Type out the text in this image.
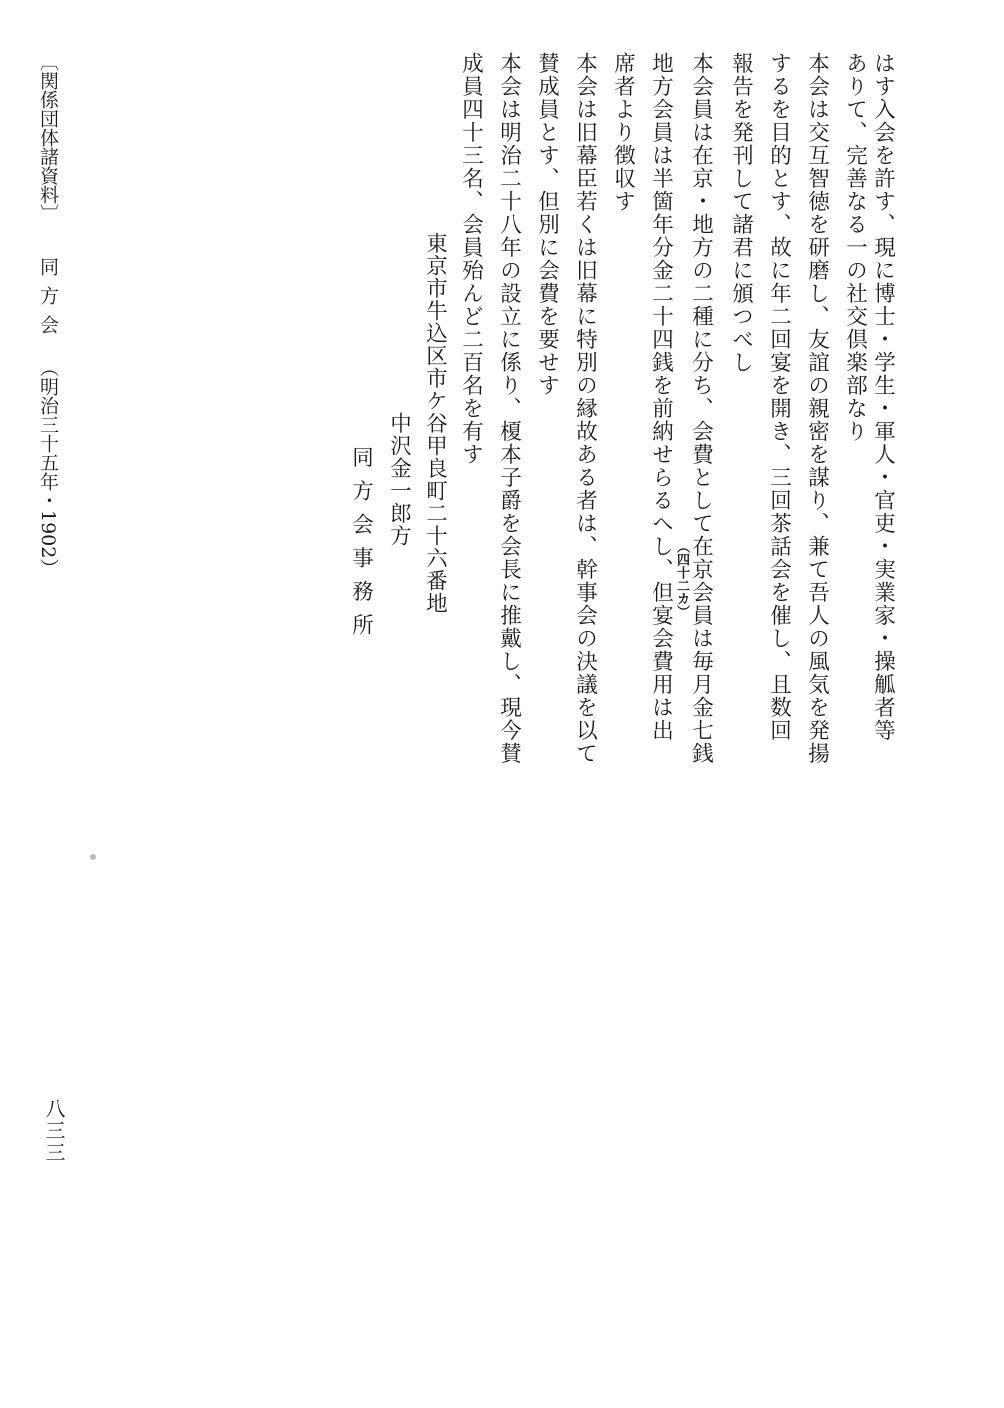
はす入会を許す、現に博士・学生・軍人・官吏・実業家・操觚者等
ありて、完善なる一の社交倶楽部なり
本会は交互智徳を研磨し、友誼の親密を謀り、兼て吾人の風気を発揚
するを目的とす、故に年二回宴を開き、三回茶話会を催し、且数回
報告を発刊して諸君に頒つべし
本会員は在京・地方の二種に分ち、会費として在京会員は毎月金七銭
地方会員は半箇年分金二十四銭を前納せらるへし、但宴会費用は出
席者より徴収す
本会は旧幕臣若くは旧幕に特別の縁故ある者は、幹事会の決議を以て
賛成員とす、但別に会費を要せす
本会は明治二十八年の設立に係り、榎本子爵を会長に推戴し、現今賛
成員四十三名、会員殆んど二百名を有す
（四十二カ）
東京市牛込区市ケ谷甲良町二十六番地
中沢金一郎方
同方会事務所
〔関係団体諸資料〕
同方会
（明治三十五年・1902）
八三三
